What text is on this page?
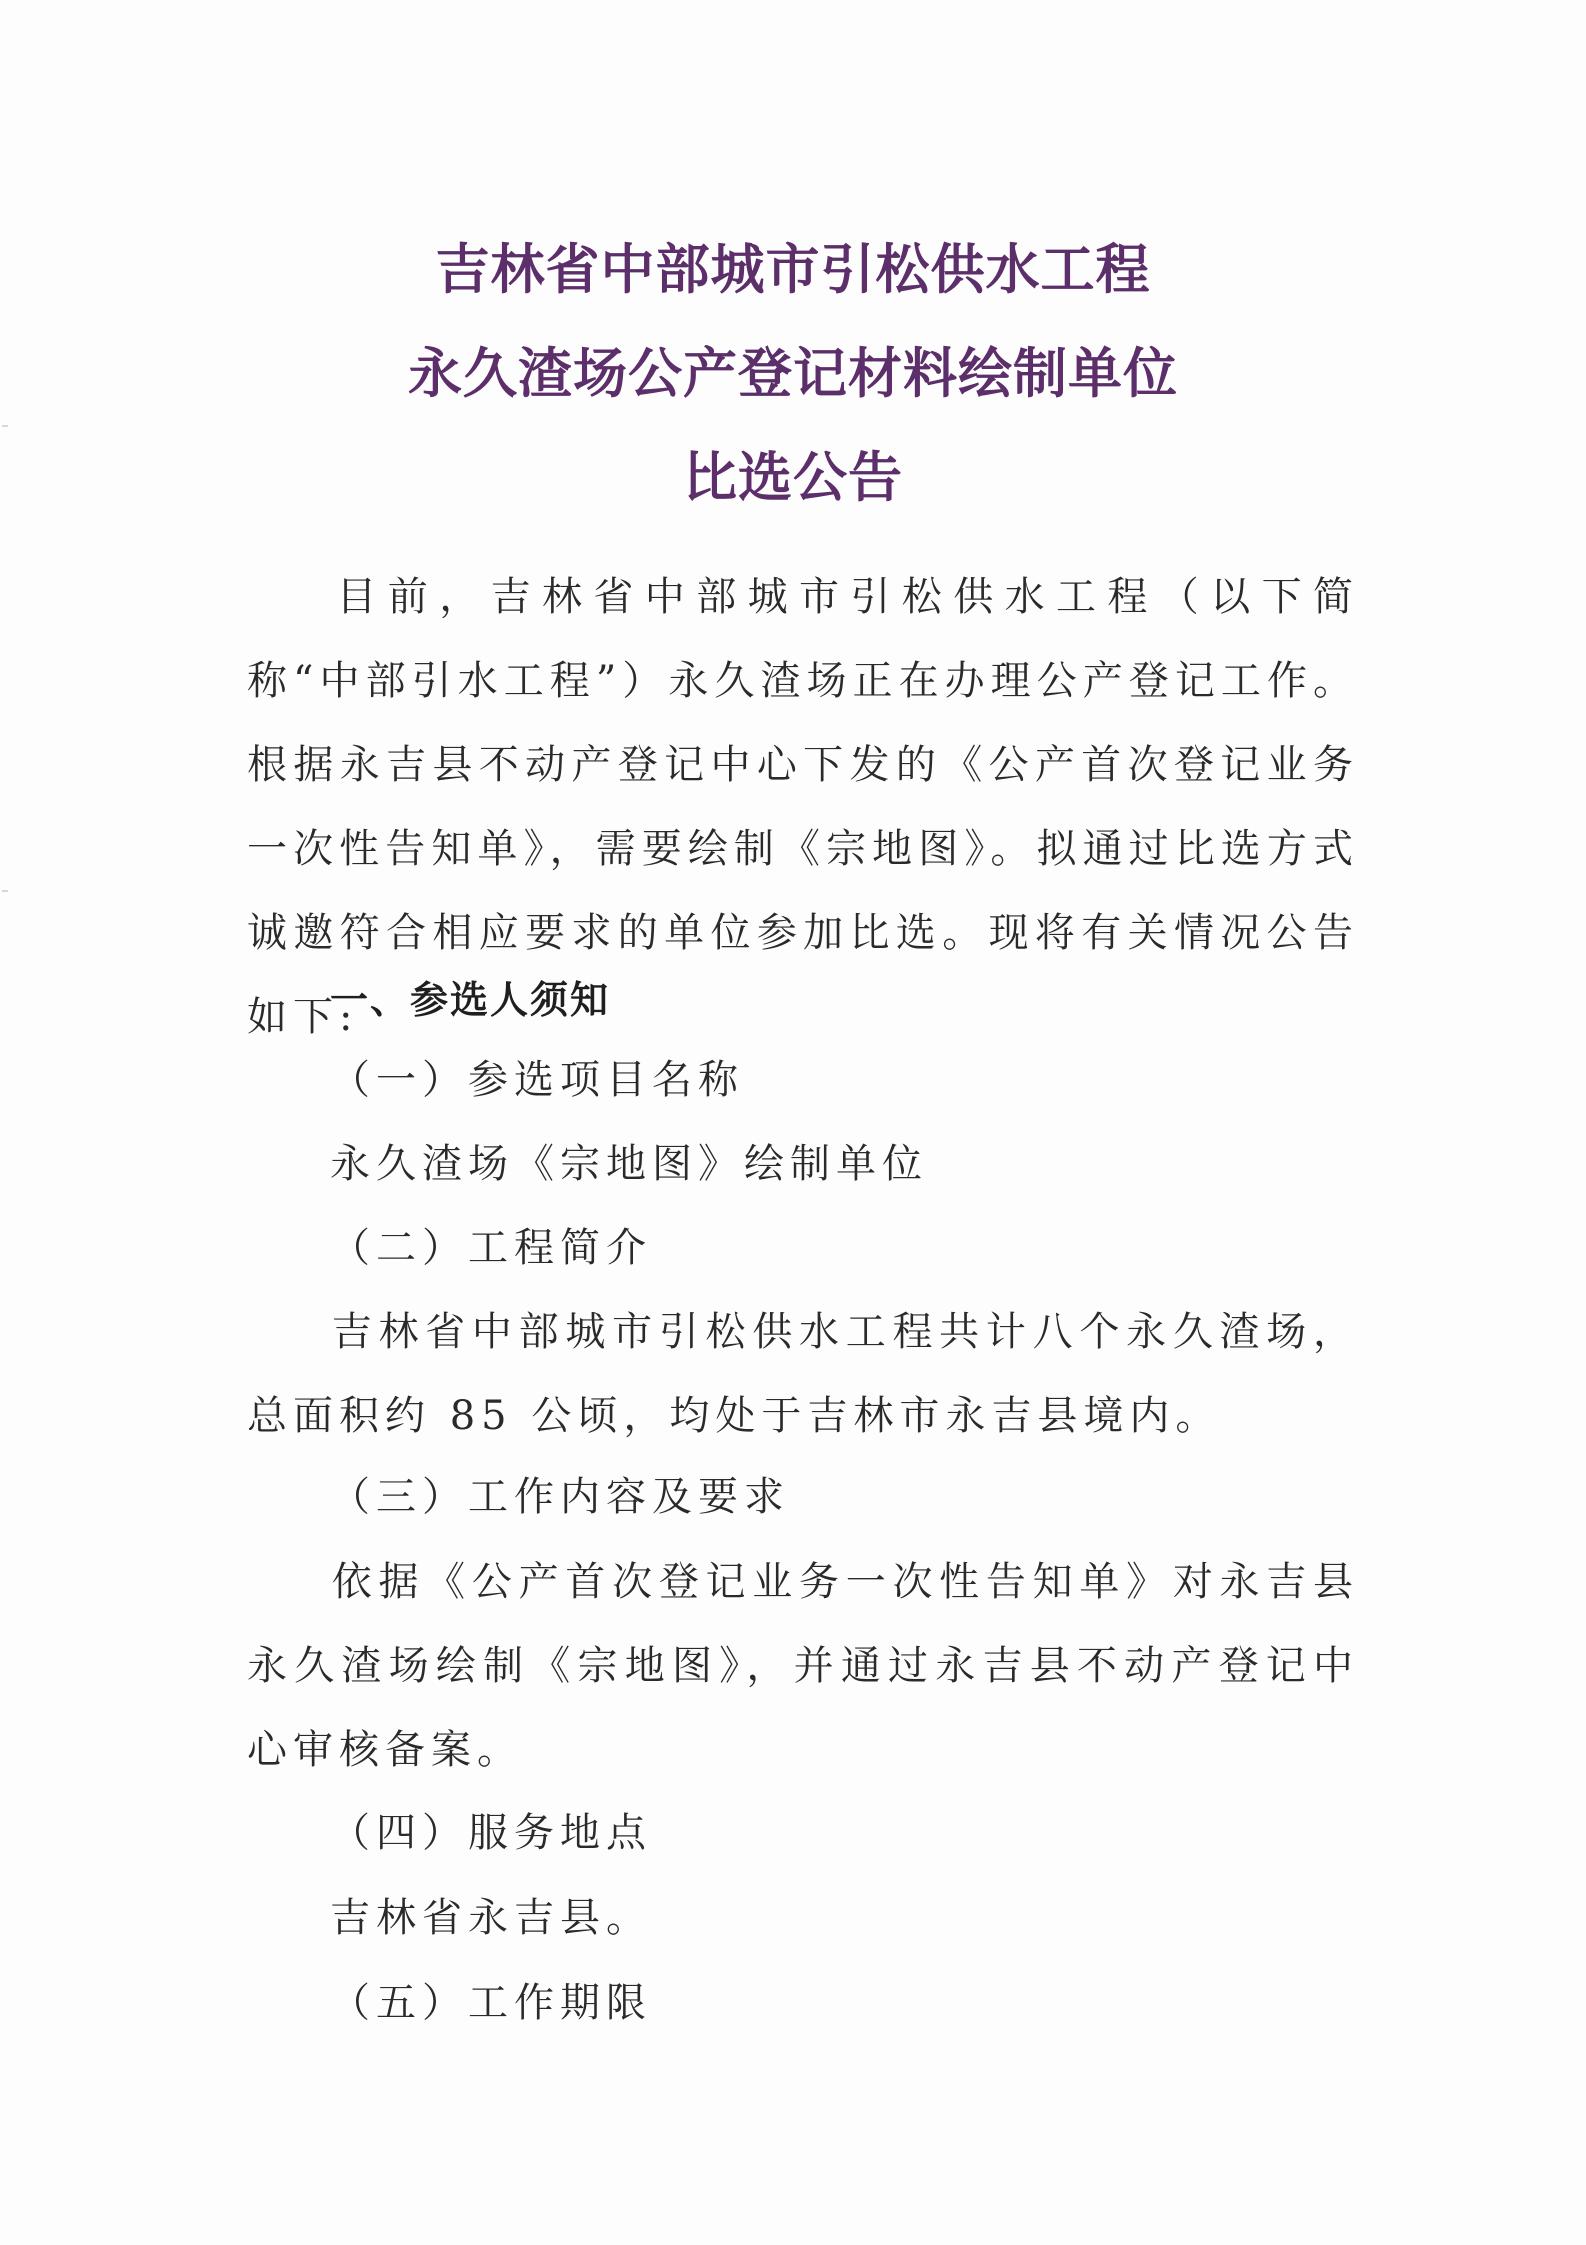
吉林省中部城市引松供水工程
永久渣场公产登记材料绘制单位
比选公告
目前，吉林省中部城市引松供水工程（以下简称“中部引水工程”）永久渣场正在办理公产登记工作。根据永吉县不动产登记中心下发的《公产首次登记业务一次性告知单》，需要绘制《宗地图》。拟通过比选方式诚邀符合相应要求的单位参加比选。现将有关情况公告如下:
一、参选人须知
（一）参选项目名称
永久渣场《宗地图》绘制单位
（二）工程简介
吉林省中部城市引松供水工程共计八个永久渣场，总面积约 85 公顷，均处于吉林市永吉县境内。
（三）工作内容及要求
依据《公产首次登记业务一次性告知单》对永吉县永久渣场绘制《宗地图》，并通过永吉县不动产登记中心审核备案。
（四）服务地点
吉林省永吉县。
（五）工作期限
